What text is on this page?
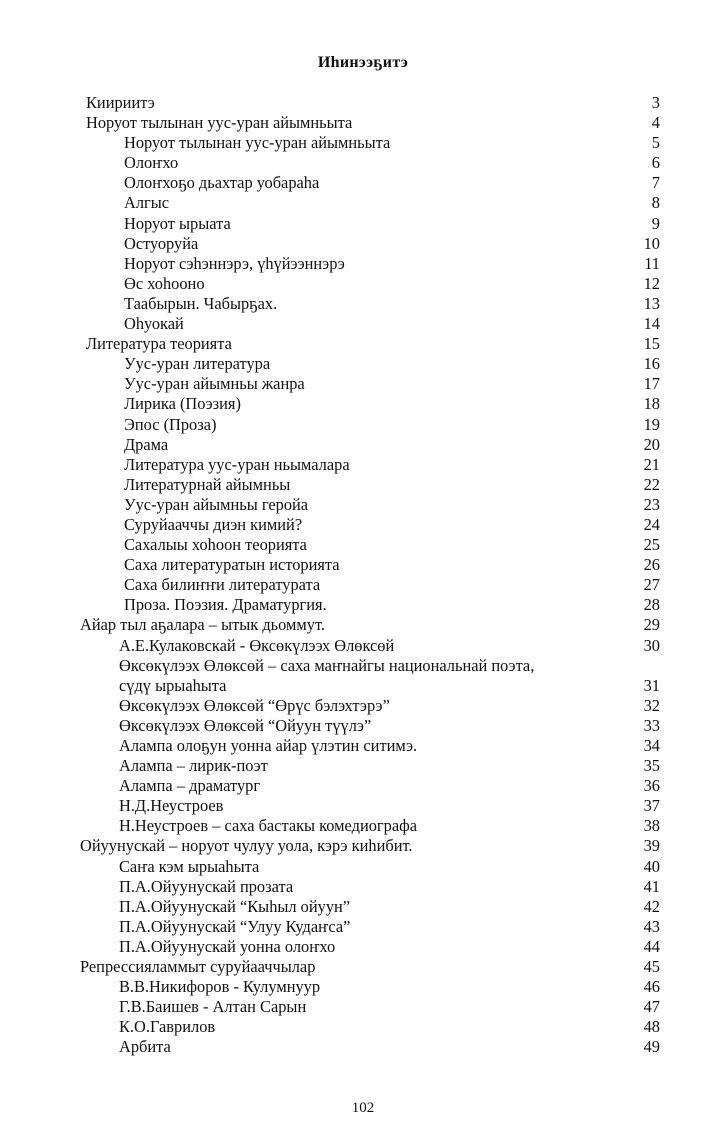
Иһинээҕитэ
Киириитэ	3
Норуот тылынан уус-уран айымньыта	4
Норуот тылынан уус-уран айымньыта	5
Олоҥхо	6
Олоҥхоҕо дьахтар уобараһа	7
Алгыс	8
Норуот ырыата	9
Остуоруйа	10
Норуот сэһэннэрэ, үһүйээннэрэ	11
Өс хоһооно	12
Таабырын. Чабырҕах.	13
Оһуокай	14
Литература теорията	15
Уус-уран литература	16
Уус-уран айымньы жанра	17
Лирика (Поэзия)	18
Эпос (Проза)	19
Драма	20
Литература уус-уран ньымалара	21
Литературнай айымньы	22
Уус-уран айымньы геройа	23
Суруйааччы диэн кимий?	24
Сахалыы хоһоон теорията	25
Саха литературатын историята	26
Саха билиҥҥи литературата	27
Проза. Поэзия. Драматургия.	28
Айар тыл аҕалара – ытык дьоммут.	29
А.Е.Кулаковскай - Өксөкүлээх Өлөксөй	30
Өксөкүлээх Өлөксөй – саха маҥнайгы национальнай поэта, сүдү ырыаһыта	31
Өксөкүлээх Өлөксөй “Өрүс бэлэхтэрэ”	32
Өксөкүлээх Өлөксөй “Ойуун түүлэ”	33
Алампа олоҕун уонна айар үлэтин ситимэ.	34
Алампа – лирик-поэт	35
Алампа – драматург	36
Н.Д.Неустроев	37
Н.Неустроев – саха бастакы комедиографа	38
Ойуунускай – норуот чулуу уола, кэрэ киһибит.	39
Саҥа кэм ырыаһыта	40
П.А.Ойуунускай прозата	41
П.А.Ойуунускай “Кыһыл ойуун”	42
П.А.Ойуунускай “Улуу Кудаҥса”	43
П.А.Ойуунускай уонна олоҥхо	44
Репрессияламмыт суруйааччылар	45
В.В.Никифоров - Кулумнуур	46
Г.В.Баишев - Алтан Сарын	47
К.О.Гаврилов	48
Арбита	49
102
